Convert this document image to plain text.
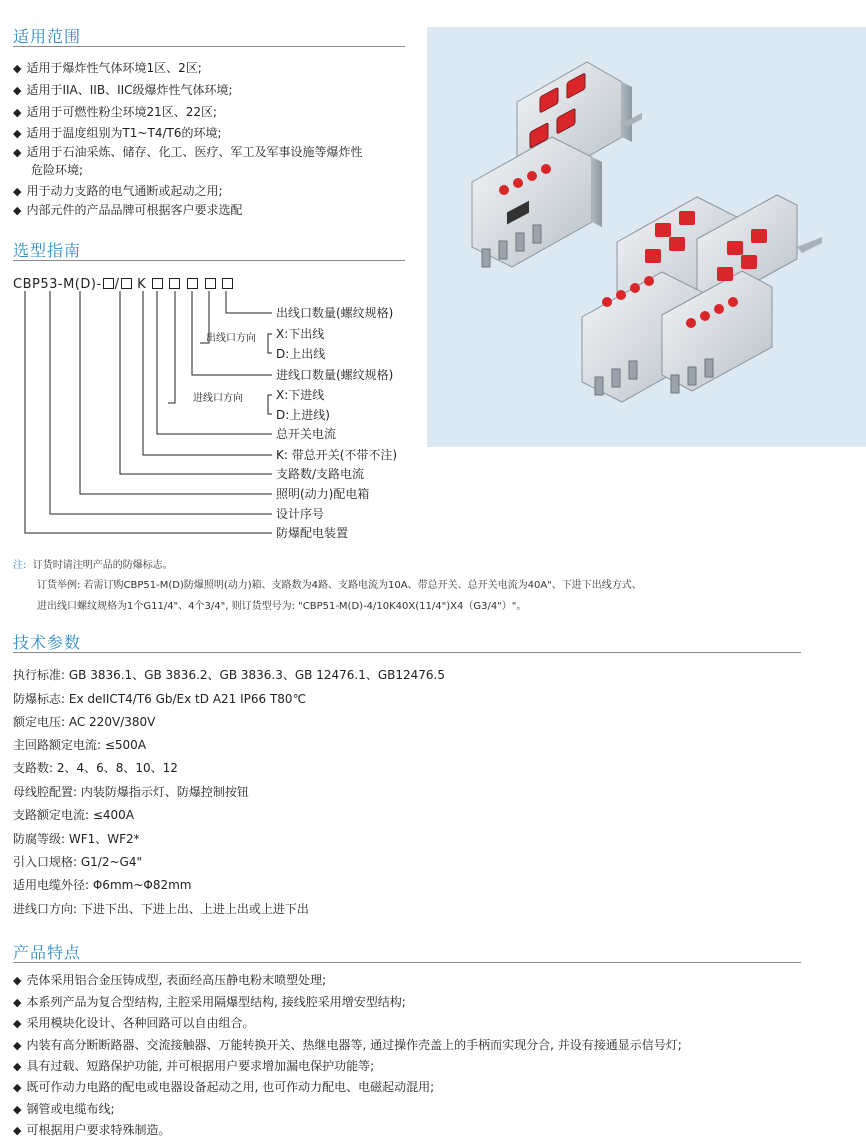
适用范围
◆ 适用于爆炸性气体环境1区、2区;
◆ 适用于IIA、IIB、IIC级爆炸性气体环境;
◆ 适用于可燃性粉尘环境21区、22区;
◆ 适用于温度组别为T1~T4/T6的环境;
◆ 适用于石油采炼、储存、化工、医疗、军工及军事设施等爆炸性
危险环境;
◆ 用于动力支路的电气通断或起动之用;
◆ 内部元件的产品品牌可根据客户要求选配
选型指南
CBP53-M(D)- / K
出线口数量(螺纹规格)
出线口方向 X:下出线
D:上出线
进线口数量(螺纹规格)
进线口方向	X:下进线
D:上进线)
总开关电流
K: 带总开关(不带不注)
支路数/支路电流
照明(动力)配电箱
设计序号
防爆配电装置
注: 订货时请注明产品的防爆标志。
订货举例: 若需订购CBP51-M(D)防爆照明(动力)箱、支路数为4路、支路电流为10A、带总开关、总开关电流为40A"、下进下出线方式、
进出线口螺纹规格为1个G11/4"、4个3/4", 则订货型号为: "CBP51-M(D)-4/10K40X(11/4")X4（G3/4"）"。
技术参数
执行标准: GB 3836.1、GB 3836.2、GB 3836.3、GB 12476.1、GB12476.5
防爆标志: Ex deIICT4/T6 Gb/Ex tD A21 IP66 T80℃
额定电压: AC 220V/380V
主回路额定电流: ≤500A
支路数: 2、4、6、8、10、12
母线腔配置: 内装防爆指示灯、防爆控制按钮
支路额定电流: ≤400A
防腐等级: WF1、WF2*
引入口规格: G1/2~G4"
适用电缆外径: Φ6mm~Φ82mm
进线口方向: 下进下出、下进上出、上进上出或上进下出
产品特点
◆ 壳体采用铝合金压铸成型, 表面经高压静电粉末喷塑处理;
◆ 本系列产品为复合型结构, 主腔采用隔爆型结构, 接线腔采用增安型结构;
◆ 采用模块化设计、各种回路可以自由组合。
◆ 内装有高分断断路器、交流接触器、万能转换开关、热继电器等, 通过操作壳盖上的手柄而实现分合, 并设有接通显示信号灯;
◆ 具有过载、短路保护功能, 并可根据用户要求增加漏电保护功能等;
◆ 既可作动力电路的配电或电器设备起动之用, 也可作动力配电、电磁起动混用;
◆ 钢管或电缆布线;
◆ 可根据用户要求特殊制造。
